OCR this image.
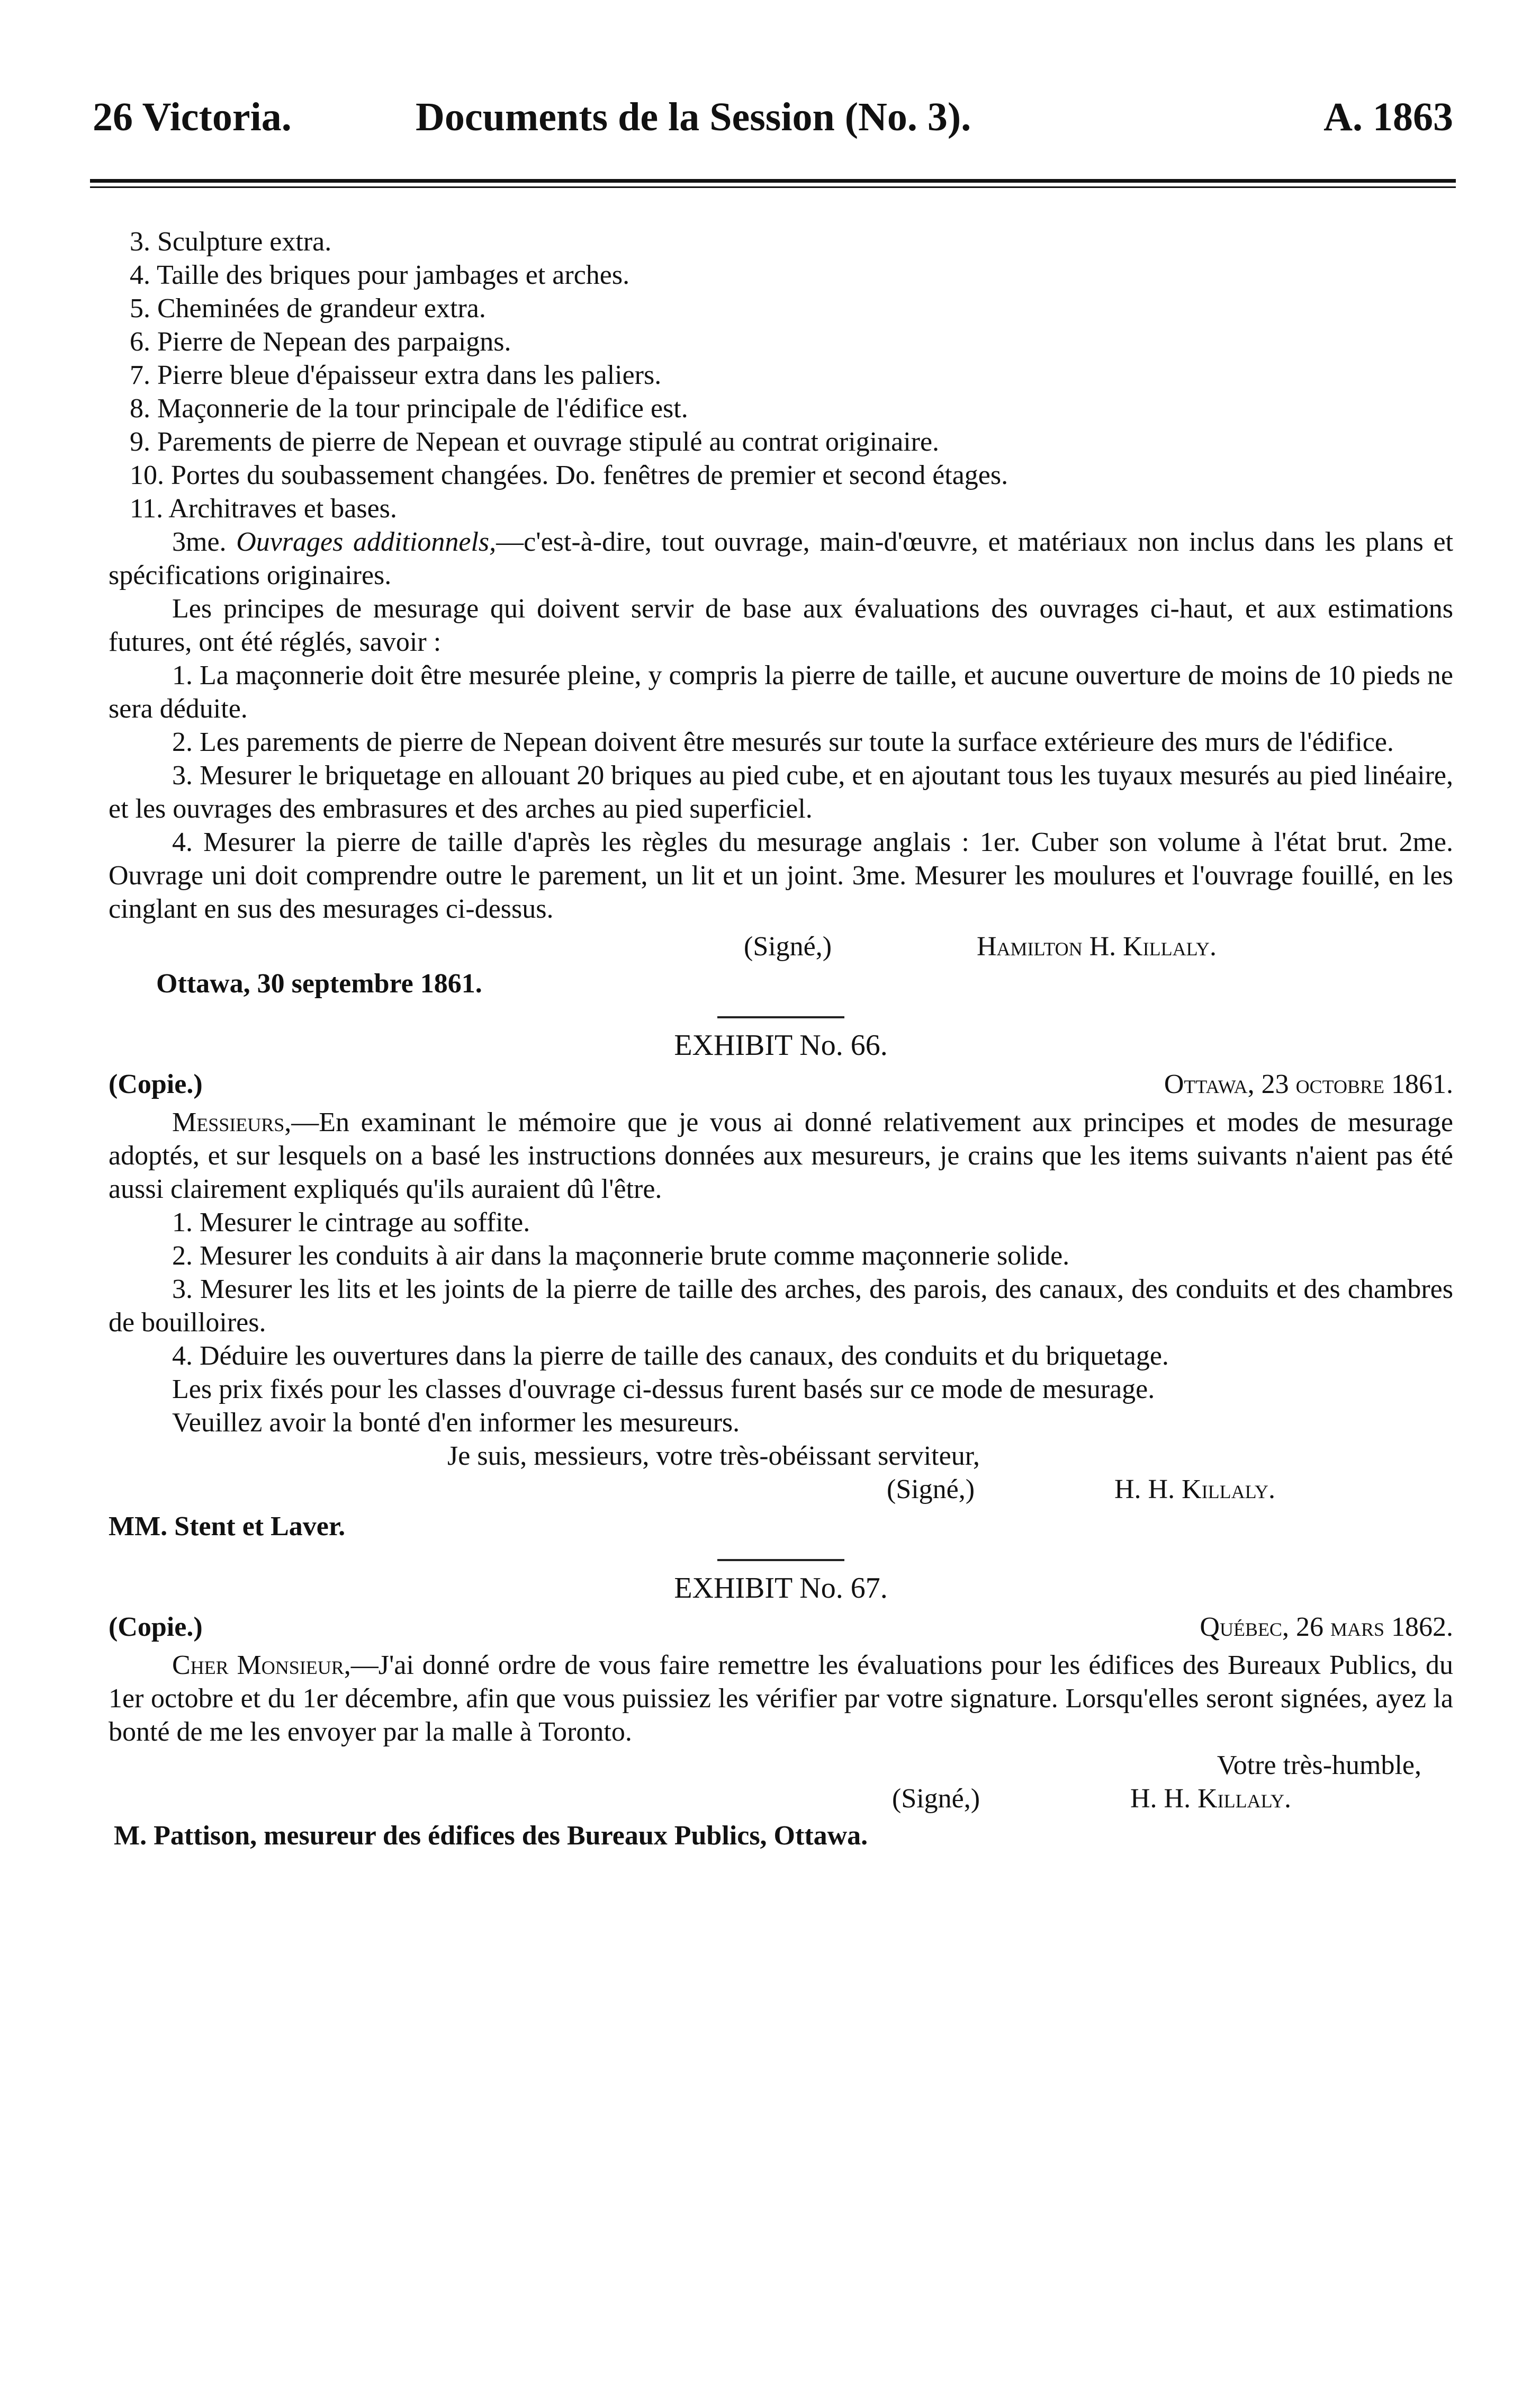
26 Victoria.	Documents de la Session (No. 3).	A. 1863

3. Sculpture extra.

4. Taille des briques pour jambages et arches.

5. Cheminées de grandeur extra.

6. Pierre de Nepean des parpaigns.

7. Pierre bleue d'épaisseur extra dans les paliers.

8. Maçonnerie de la tour principale de l'édifice est.

9. Parements de pierre de Nepean et ouvrage stipulé au contrat originaire.

10. Portes du soubassement changées. Do. fenêtres de premier et second étages.

11. Architraves et bases.

3me. Ouvrages additionnels,—c'est-à-dire, tout ouvrage, main-d'œuvre, et matériaux non inclus dans les plans et spécifications originaires.

Les principes de mesurage qui doivent servir de base aux évaluations des ouvrages ci-haut, et aux estimations futures, ont été réglés, savoir :

1. La maçonnerie doit être mesurée pleine, y compris la pierre de taille, et aucune ouverture de moins de 10 pieds ne sera déduite.

2. Les parements de pierre de Nepean doivent être mesurés sur toute la surface extérieure des murs de l'édifice.

3. Mesurer le briquetage en allouant 20 briques au pied cube, et en ajoutant tous les tuyaux mesurés au pied linéaire, et les ouvrages des embrasures et des arches au pied superficiel.

4. Mesurer la pierre de taille d'après les règles du mesurage anglais : 1er. Cuber son volume à l'état brut. 2me. Ouvrage uni doit comprendre outre le parement, un lit et un joint. 3me. Mesurer les moulures et l'ouvrage fouillé, en les cinglant en sus des mesurages ci-dessus.

(Signé,)	Hamilton H. Killaly.

Ottawa, 30 septembre 1861.

EXHIBIT No. 66.
(Copie.)	Ottawa, 23 octobre 1861.

Messieurs,—En examinant le mémoire que je vous ai donné relativement aux principes et modes de mesurage adoptés, et sur lesquels on a basé les instructions données aux mesureurs, je crains que les items suivants n'aient pas été aussi clairement expliqués qu'ils auraient dû l'être.

1. Mesurer le cintrage au soffite.

2. Mesurer les conduits à air dans la maçonnerie brute comme maçonnerie solide.

3. Mesurer les lits et les joints de la pierre de taille des arches, des parois, des canaux, des conduits et des chambres de bouilloires.

4. Déduire les ouvertures dans la pierre de taille des canaux, des conduits et du briquetage.

Les prix fixés pour les classes d'ouvrage ci-dessus furent basés sur ce mode de mesurage.

Veuillez avoir la bonté d'en informer les mesureurs.

Je suis, messieurs, votre très-obéissant serviteur,

(Signé,)	H. H. Killaly.

MM. Stent et Laver.

EXHIBIT No. 67.
(Copie.)	Québec, 26 mars 1862.

Cher Monsieur,—J'ai donné ordre de vous faire remettre les évaluations pour les édifices des Bureaux Publics, du 1er octobre et du 1er décembre, afin que vous puissiez les vérifier par votre signature. Lorsqu'elles seront signées, ayez la bonté de me les envoyer par la malle à Toronto.

Votre très-humble,

(Signé,)	H. H. Killaly.

M. Pattison, mesureur des édifices des Bureaux Publics, Ottawa.
